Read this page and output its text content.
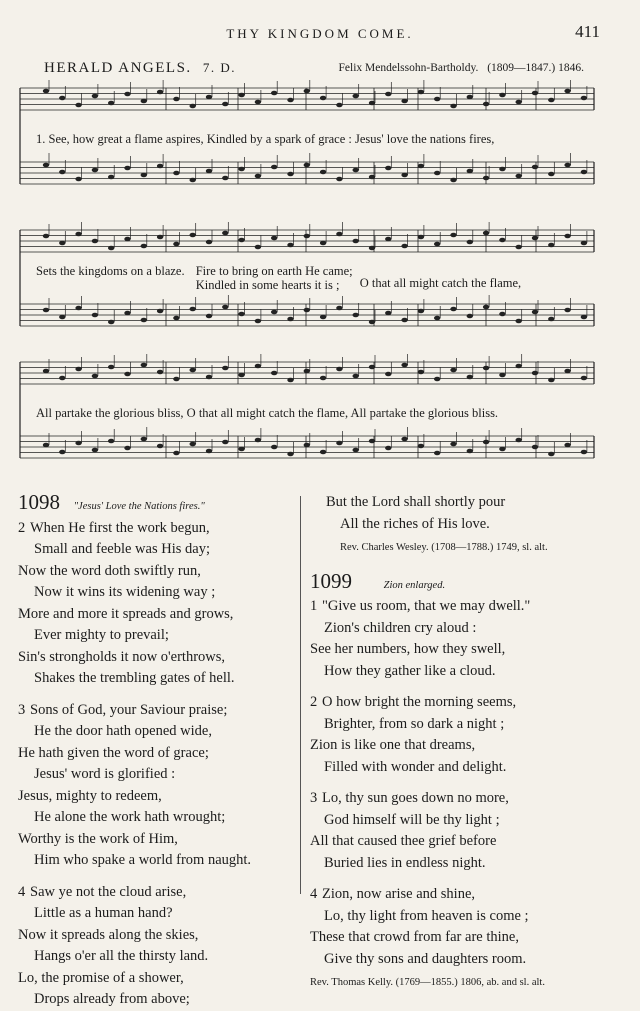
THY KINGDOM COME.	411
HERALD ANGELS. 7. D.	Felix Mendelssohn-Bartholdy. (1809—1847.) 1846.
1. See, how great a flame aspires, Kindled by a spark of grace : Jesus' love the nations fires,
Sets the kingdoms on a blaze. Fire to bring on earth He came;
Kindled in some hearts it is ; O that all might catch the flame,
All partake the glorious bliss, O that all might catch the flame, All partake the glorious bliss.
1098 "Jesus' Love the Nations fires."
2 When He first the work begun,
Small and feeble was His day;
Now the word doth swiftly run,
Now it wins its widening way ;
More and more it spreads and grows,
Ever mighty to prevail;
Sin's strongholds it now o'erthrows,
Shakes the trembling gates of hell.
3 Sons of God, your Saviour praise;
He the door hath opened wide,
He hath given the word of grace;
Jesus' word is glorified :
Jesus, mighty to redeem,
He alone the work hath wrought;
Worthy is the work of Him,
Him who spake a world from naught.
4 Saw ye not the cloud arise,
Little as a human hand?
Now it spreads along the skies,
Hangs o'er all the thirsty land.
Lo, the promise of a shower,
Drops already from above;
But the Lord shall shortly pour
All the riches of His love.
Rev. Charles Wesley. (1708—1788.) 1749, sl. alt.
1099	Zion enlarged.
1 "Give us room, that we may dwell."
Zion's children cry aloud :
See her numbers, how they swell,
How they gather like a cloud.
2 O how bright the morning seems,
Brighter, from so dark a night ;
Zion is like one that dreams,
Filled with wonder and delight.
3 Lo, thy sun goes down no more,
God himself will be thy light ;
All that caused thee grief before
Buried lies in endless night.
4 Zion, now arise and shine,
Lo, thy light from heaven is come ;
These that crowd from far are thine,
Give thy sons and daughters room.
Rev. Thomas Kelly. (1769—1855.) 1806, ab. and sl. alt.
